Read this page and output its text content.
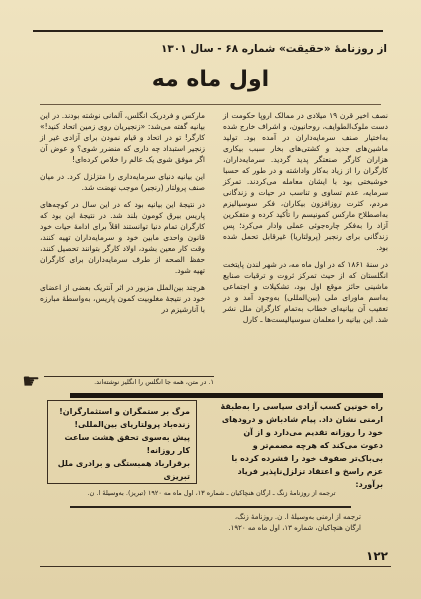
از روزنامهٔ «حقیقت» شماره ۶۸ - سال ۱۳۰۱
اول ماه مه

نصف اخیر قرن ۱۹ میلادی در ممالک اروپا حکومت از دست ملوک‌الطوایف، روحانیون، و اشراف خارج شده به‌اختیار صنف سرمایه‌داران در آمده بود. تولید ماشین‌های جدید و کشتی‌های بخار سبب بیکاری هزاران کارگر صنعتگر پدید گردید. سرمایه‌داران، کارگران را از زیاد به‌کار واداشته و در طور که حسبا خوشبختی بود با ایشان معامله می‌کردند. تمرکز سرمایه، عدم تساوی و تناسب در حیات و زندگانی مردم، کثرت روزافزون بیکاران، فکر سوسیالیزم به‌اصطلاح مارکس کمونیسم را تأکید کرده و متفکرین آزاد را به‌فکر چاره‌جوئی عملی وادار می‌کرد؛ پس زندگانی برای رنجبر (پرولتاریا) غیرقابل تحمل شده بود.

در سنهٔ ۱۸۶۱ که در اول ماه مه، در شهر لندن پایتخت انگلستان که از حیث تمرکز ثروت و ترقیات صنایع ماشینی حائز موقع اول بود، تشکیلات و اجتماعی به‌اسم ماورای ملی (بین‌المللی) به‌وجود آمد و در تعقیب آن بیانیه‌ای خطاب به‌تمام کارگران ملل نشر شد. این بیانیه را معلمان سوسیالیست‌ها ـ کارل

مارکس و فردریک انگلس، آلمانی نوشته بودند. در این بیانیه گفته می‌شد: «زنجیریان روی زمین اتحاد کنید!» کارگر! تو در اتحاد و قیام نمودن برای آزادی غیر از زنجیر استبداد چه داری که منضرر شوی؟ و عوض آن اگر موفق شوی یک عالم را خلاص کرده‌ای!

این بیانیه دنیای سرمایه‌داری را متزلزل کرد. در میان صنف پرولتار (رنجبر) موجب نهضت شد.

در نتیجهٔ این بیانیه بود که در این سال در کوچه‌های پاریس بیرق کومون بلند شد. در نتیجهٔ این بود که کارگران تمام دنیا توانستند اقلاً برای ادامهٔ حیات خود قانون واحدی مابین خود و سرمایه‌داران تهیه کنند، وقت کار معین بشود، اولاد کارگر بتوانند تحصیل کنند، حفظ الصحه از طرف سرمایه‌داران برای کارگران تهیه شود.

هرچند بین‌الملل مزبور در اثر آنتریک بعضی از اعضای خود در نتیجهٔ مغلوبیت کمون پاریس، به‌واسطهٔ مبارزه با آنارشیزم در

☛	۱. در متن، همه جا انگلس را انگلیز نوشته‌اند.
راه خونین کسب آزادی سیاسی را به‌طبقهٔ ارمنی نشان داد. پیام شادباش و درودهای خود را روزانه تقدیم می‌دارد و از آن دعوت می‌کند که هرچه مصمم‌تر و بی‌باک‌تر صفوف خود را فشرده کرده با عزم راسخ و اعتقاد تزلزل‌ناپذیر فریاد برآورد:
مرگ بر ستمگران و استثمارگران!
زنده‌باد پرولتاریای بین‌المللی!
پیش به‌سوی تحقق هشت ساعت کار روزانه!
برقرارباد همبستگی و برادری ملل تبریزی
ترجمه از روزنامهٔ زنگ ـ ارگان هنچاکیان ـ شماره ۱۳، اول ماه مه ۱۹۲۰ (تبریز). به‌وسیلهٔ ا. ن.
ترجمه از ارمنی به‌وسیلهٔ ا. ن. روزنامهٔ زنگ،
ارگان هنچاکیان، شماره ۱۳، اول ماه مه ۱۹۲۰.
۱۲۲
